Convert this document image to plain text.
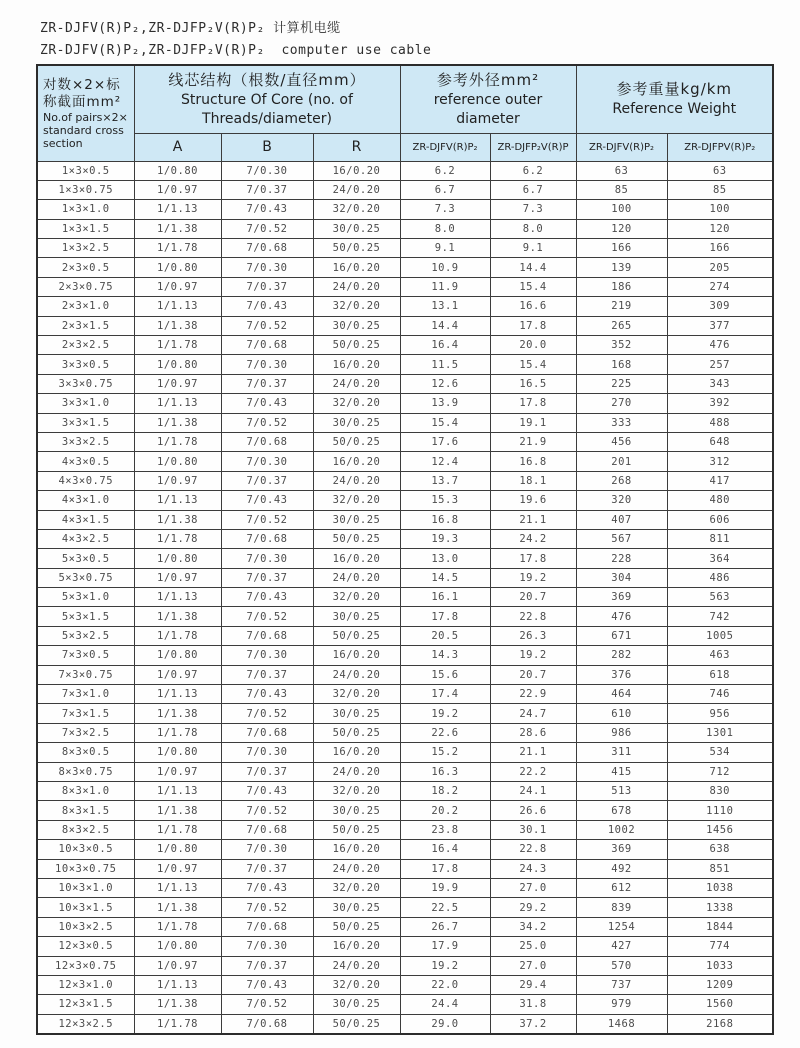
ZR-DJFV(R)P₂,ZR-DJFP₂V(R)P₂ 计算机电缆
ZR-DJFV(R)P₂,ZR-DJFP₂V(R)P₂  computer use cable
对数×2×标
称截面mm²
No.of pairs×2×
standard cross
section

线芯结构（根数/直径mm）
Structure Of Core (no. of
Threads/diameter)

参考外径mm²
reference outer diameter

参考重量kg/km
Reference Weight

	A	B	R	ZR-DJFV(R)P₂	ZR-DJFP₂V(R)P	ZR-DJFV(R)P₂	ZR-DJFPV(R)P₂
1×3×0.5	1/0.80	7/0.30	16/0.20	6.2	6.2	63	63
1×3×0.75	1/0.97	7/0.37	24/0.20	6.7	6.7	85	85
1×3×1.0	1/1.13	7/0.43	32/0.20	7.3	7.3	100	100
1×3×1.5	1/1.38	7/0.52	30/0.25	8.0	8.0	120	120
1×3×2.5	1/1.78	7/0.68	50/0.25	9.1	9.1	166	166
2×3×0.5	1/0.80	7/0.30	16/0.20	10.9	14.4	139	205
2×3×0.75	1/0.97	7/0.37	24/0.20	11.9	15.4	186	274
2×3×1.0	1/1.13	7/0.43	32/0.20	13.1	16.6	219	309
2×3×1.5	1/1.38	7/0.52	30/0.25	14.4	17.8	265	377
2×3×2.5	1/1.78	7/0.68	50/0.25	16.4	20.0	352	476
3×3×0.5	1/0.80	7/0.30	16/0.20	11.5	15.4	168	257
3×3×0.75	1/0.97	7/0.37	24/0.20	12.6	16.5	225	343
3×3×1.0	1/1.13	7/0.43	32/0.20	13.9	17.8	270	392
3×3×1.5	1/1.38	7/0.52	30/0.25	15.4	19.1	333	488
3×3×2.5	1/1.78	7/0.68	50/0.25	17.6	21.9	456	648
4×3×0.5	1/0.80	7/0.30	16/0.20	12.4	16.8	201	312
4×3×0.75	1/0.97	7/0.37	24/0.20	13.7	18.1	268	417
4×3×1.0	1/1.13	7/0.43	32/0.20	15.3	19.6	320	480
4×3×1.5	1/1.38	7/0.52	30/0.25	16.8	21.1	407	606
4×3×2.5	1/1.78	7/0.68	50/0.25	19.3	24.2	567	811
5×3×0.5	1/0.80	7/0.30	16/0.20	13.0	17.8	228	364
5×3×0.75	1/0.97	7/0.37	24/0.20	14.5	19.2	304	486
5×3×1.0	1/1.13	7/0.43	32/0.20	16.1	20.7	369	563
5×3×1.5	1/1.38	7/0.52	30/0.25	17.8	22.8	476	742
5×3×2.5	1/1.78	7/0.68	50/0.25	20.5	26.3	671	1005
7×3×0.5	1/0.80	7/0.30	16/0.20	14.3	19.2	282	463
7×3×0.75	1/0.97	7/0.37	24/0.20	15.6	20.7	376	618
7×3×1.0	1/1.13	7/0.43	32/0.20	17.4	22.9	464	746
7×3×1.5	1/1.38	7/0.52	30/0.25	19.2	24.7	610	956
7×3×2.5	1/1.78	7/0.68	50/0.25	22.6	28.6	986	1301
8×3×0.5	1/0.80	7/0.30	16/0.20	15.2	21.1	311	534
8×3×0.75	1/0.97	7/0.37	24/0.20	16.3	22.2	415	712
8×3×1.0	1/1.13	7/0.43	32/0.20	18.2	24.1	513	830
8×3×1.5	1/1.38	7/0.52	30/0.25	20.2	26.6	678	1110
8×3×2.5	1/1.78	7/0.68	50/0.25	23.8	30.1	1002	1456
10×3×0.5	1/0.80	7/0.30	16/0.20	16.4	22.8	369	638
10×3×0.75	1/0.97	7/0.37	24/0.20	17.8	24.3	492	851
10×3×1.0	1/1.13	7/0.43	32/0.20	19.9	27.0	612	1038
10×3×1.5	1/1.38	7/0.52	30/0.25	22.5	29.2	839	1338
10×3×2.5	1/1.78	7/0.68	50/0.25	26.7	34.2	1254	1844
12×3×0.5	1/0.80	7/0.30	16/0.20	17.9	25.0	427	774
12×3×0.75	1/0.97	7/0.37	24/0.20	19.2	27.0	570	1033
12×3×1.0	1/1.13	7/0.43	32/0.20	22.0	29.4	737	1209
12×3×1.5	1/1.38	7/0.52	30/0.25	24.4	31.8	979	1560
12×3×2.5	1/1.78	7/0.68	50/0.25	29.0	37.2	1468	2168
